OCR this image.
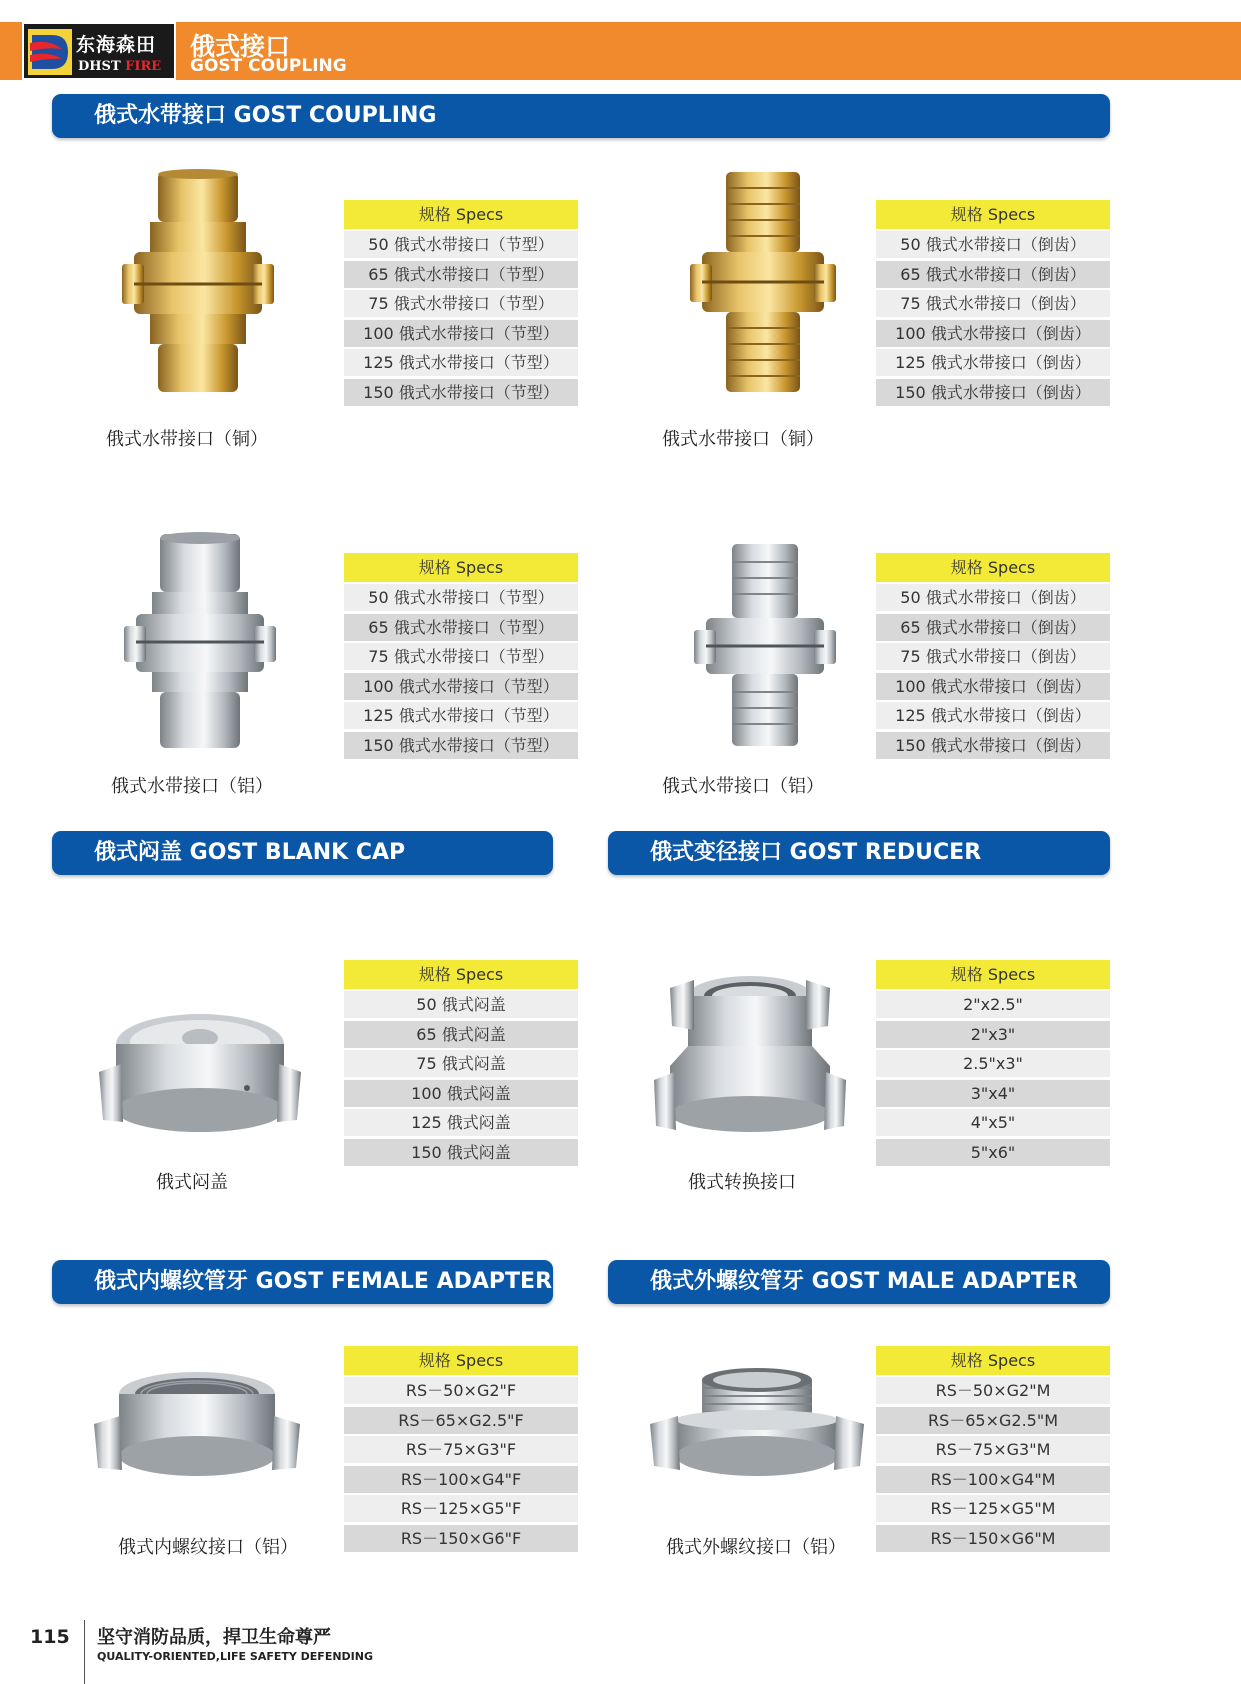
东海森田
DHST FIRE
俄式接口
GOST COUPLING
俄式水带接口 GOST COUPLING
俄式闷盖 GOST BLANK CAP	俄式变径接口 GOST REDUCER
俄式内螺纹管牙 GOST FEMALE ADAPTER	俄式外螺纹管牙 GOST MALE ADAPTER
规格 Specs
50 俄式水带接口（节型）
65 俄式水带接口（节型）
75 俄式水带接口（节型）
100 俄式水带接口（节型）
125 俄式水带接口（节型）
150 俄式水带接口（节型）
俄式水带接口（铜）
规格 Specs
50 俄式水带接口（倒齿）
65 俄式水带接口（倒齿）
75 俄式水带接口（倒齿）
100 俄式水带接口（倒齿）
125 俄式水带接口（倒齿）
150 俄式水带接口（倒齿）
俄式水带接口（铜）
规格 Specs
50 俄式水带接口（节型）
65 俄式水带接口（节型）
75 俄式水带接口（节型）
100 俄式水带接口（节型）
125 俄式水带接口（节型）
150 俄式水带接口（节型）
俄式水带接口（铝）
规格 Specs
50 俄式水带接口（倒齿）
65 俄式水带接口（倒齿）
75 俄式水带接口（倒齿）
100 俄式水带接口（倒齿）
125 俄式水带接口（倒齿）
150 俄式水带接口（倒齿）
俄式水带接口（铝）
规格 Specs
50 俄式闷盖
65 俄式闷盖
75 俄式闷盖
100 俄式闷盖
125 俄式闷盖
150 俄式闷盖
俄式闷盖
规格 Specs
2"x2.5"
2"x3"
2.5"x3"
3"x4"
4"x5"
5"x6"
俄式转换接口
规格 Specs
RS－50×G2"F
RS－65×G2.5"F
RS－75×G3"F
RS－100×G4"F
RS－125×G5"F
RS－150×G6"F
俄式内螺纹接口（铝）
规格 Specs
RS－50×G2"M
RS－65×G2.5"M
RS－75×G3"M
RS－100×G4"M
RS－125×G5"M
RS－150×G6"M
俄式外螺纹接口（铝）
115 坚守消防品质，捍卫生命尊严
QUALITY-ORIENTED,LIFE SAFETY DEFENDING
